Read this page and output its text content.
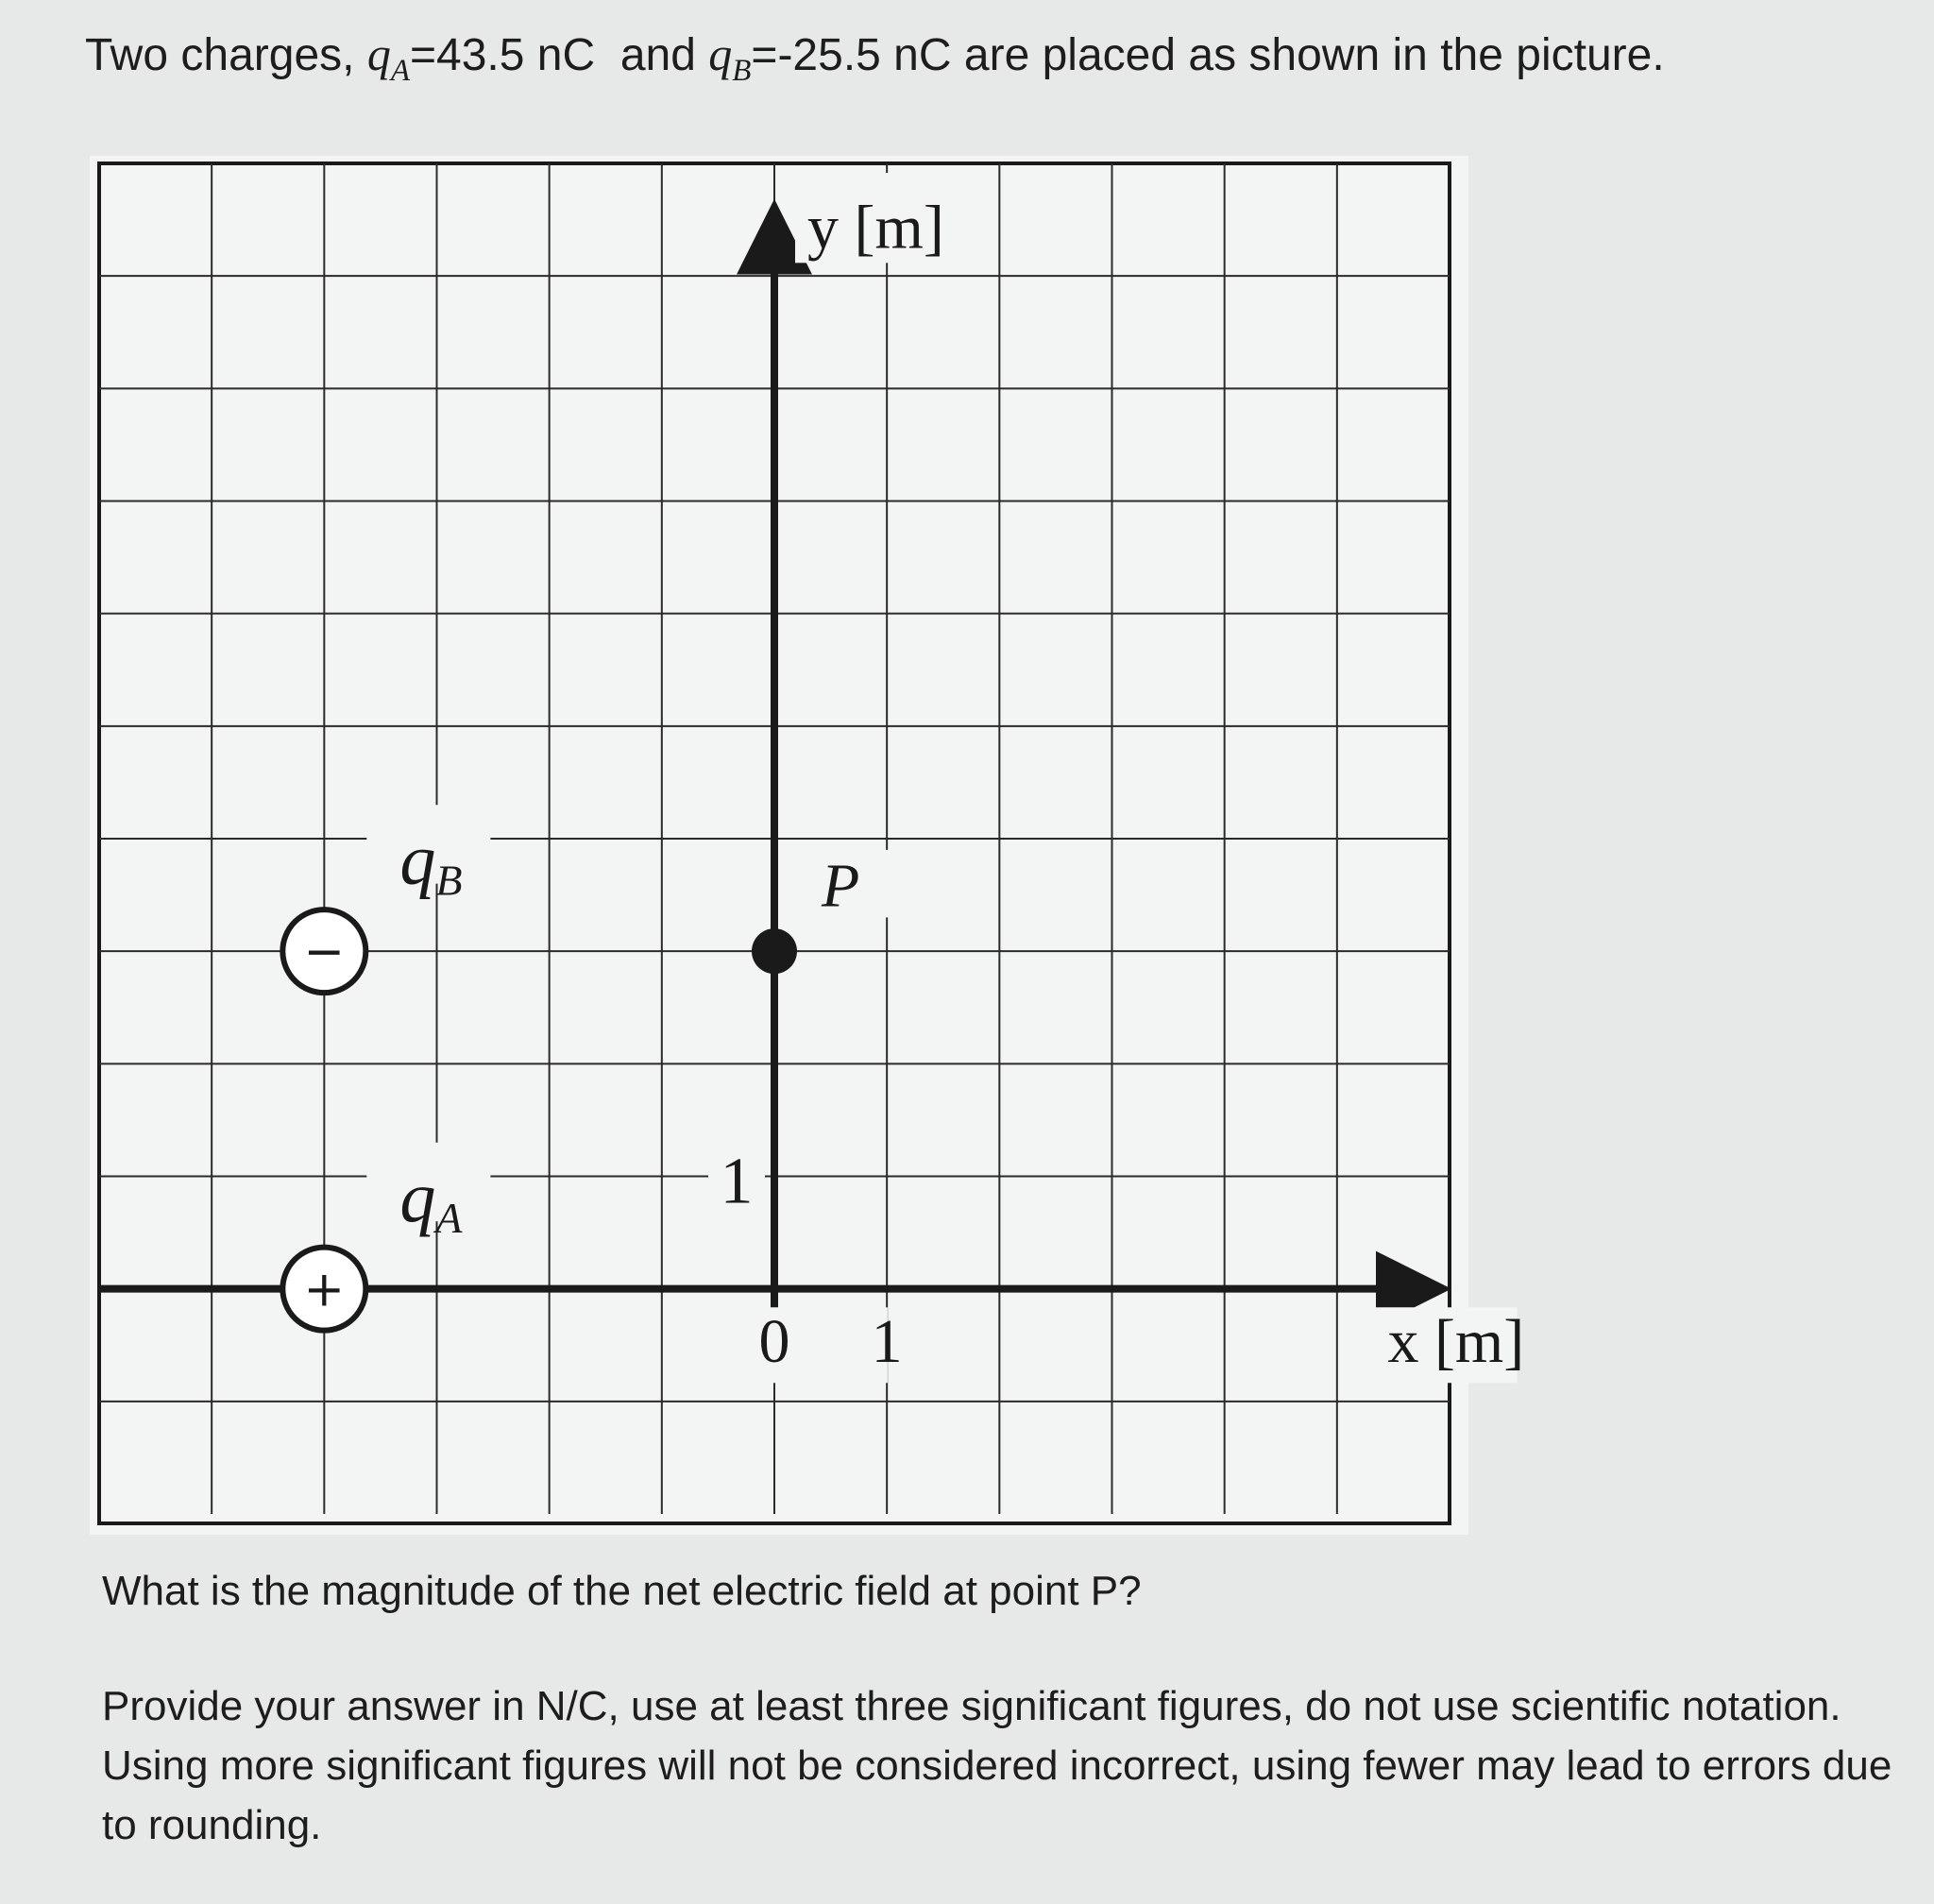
Two charges, $q_A=43.5$ nC  and $q_B=-25.5$ nC are placed as shown in the picture.
y [m]
x [m]
0 1
1
P
qA
+
qB
−
What is the magnitude of the net electric field at point P?
Provide your answer in N/C, use at least three significant figures, do not use scientific notation. Using more significant figures will not be considered incorrect, using fewer may lead to errors due to rounding.
